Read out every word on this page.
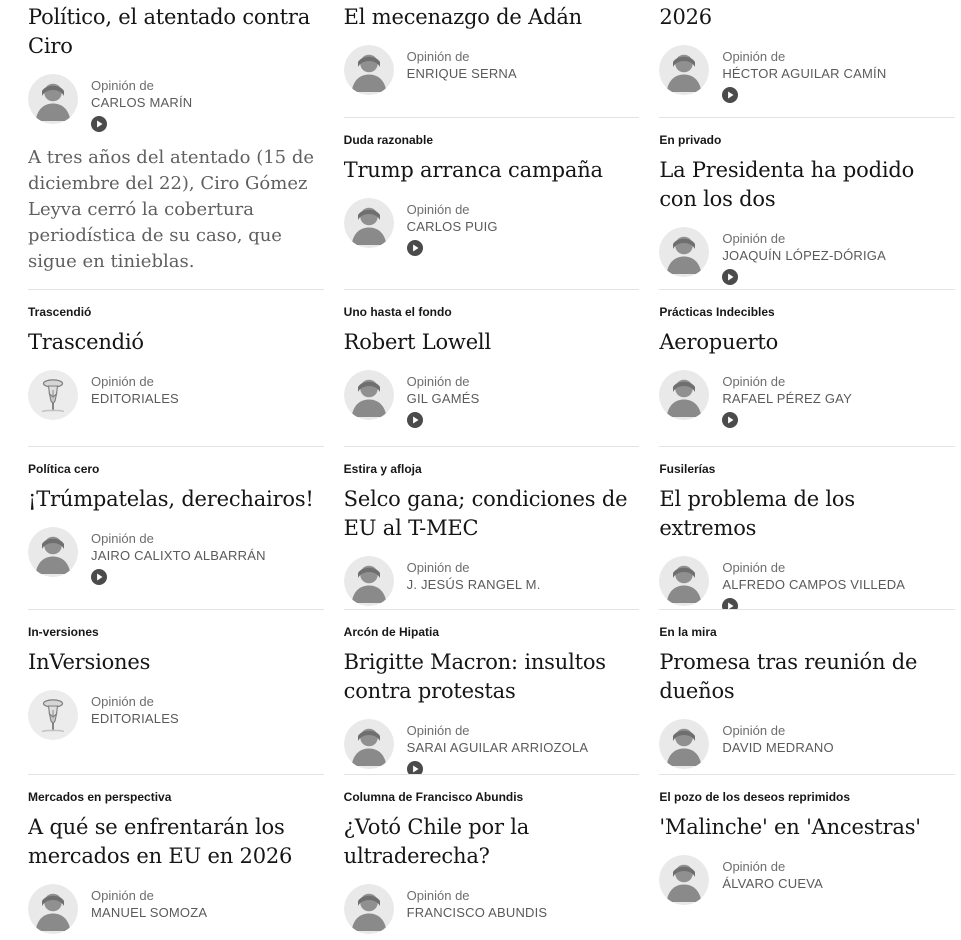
Político, el atentado contra Ciro
Opinión de
CARLOS MARÍN

A tres años del atentado (15 de diciembre del 22), Ciro Gómez Leyva cerró la cobertura periodística de su caso, que sigue en tinieblas.

Trascendió
Trascendió
Opinión de
EDITORIALES
Política cero
¡Trúmpatelas, derechairos!
Opinión de
JAIRO CALIXTO ALBARRÁN
In-versiones
InVersiones
Opinión de
EDITORIALES
Mercados en perspectiva
A qué se enfrentarán los mercados en EU en 2026
Opinión de
MANUEL SOMOZA
El mecenazgo de Adán
Opinión de
ENRIQUE SERNA
Duda razonable
Trump arranca campaña
Opinión de
CARLOS PUIG
Uno hasta el fondo
Robert Lowell
Opinión de
GIL GAMÉS
Estira y afloja
Selco gana; condiciones de EU al T-MEC
Opinión de
J. JESÚS RANGEL M.
Arcón de Hipatia
Brigitte Macron: insultos contra protestas
Opinión de
SARAI AGUILAR ARRIOZOLA
Columna de Francisco Abundis
¿Votó Chile por la ultraderecha?
Opinión de
FRANCISCO ABUNDIS
2026
Opinión de
HÉCTOR AGUILAR CAMÍN
En privado
La Presidenta ha podido con los dos
Opinión de
JOAQUÍN LÓPEZ-DÓRIGA
Prácticas Indecibles
Aeropuerto
Opinión de
RAFAEL PÉREZ GAY
Fusilerías
El problema de los extremos
Opinión de
ALFREDO CAMPOS VILLEDA
En la mira
Promesa tras reunión de dueños
Opinión de
DAVID MEDRANO
El pozo de los deseos reprimidos
'Malinche' en 'Ancestras'
Opinión de
ÁLVARO CUEVA
